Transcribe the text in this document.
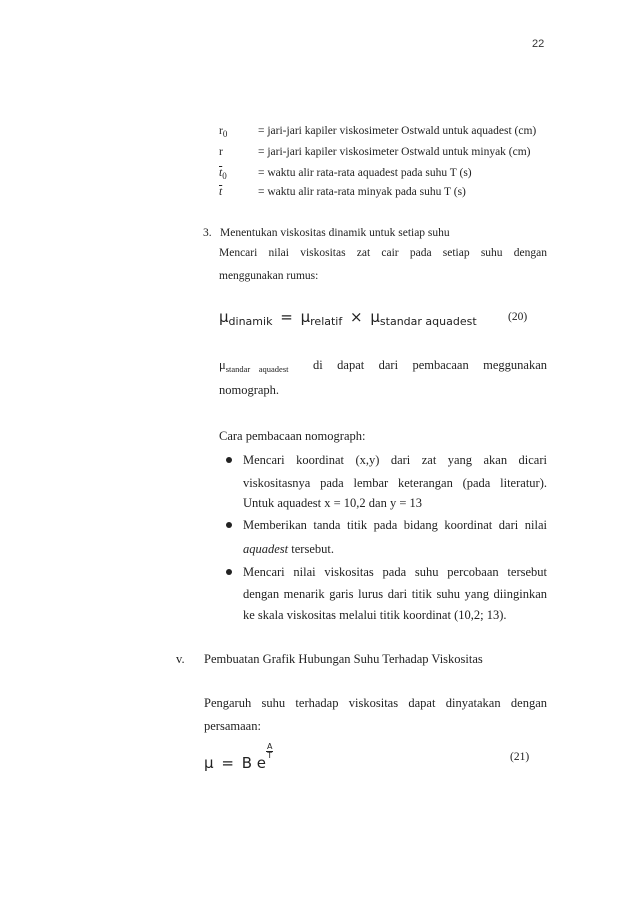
22
$r_0$	= jari-jari kapiler viskosimeter Ostwald untuk aquadest (cm)
r	= jari-jari kapiler viskosimeter Ostwald untuk minyak (cm)
$\overline{t}_0$	= waktu alir rata-rata aquadest pada suhu T (s)
$\overline{t}$	= waktu alir rata-rata minyak pada suhu T (s)
3. Menentukan viskositas dinamik untuk setiap suhu
Mencari nilai viskositas zat cair pada setiap suhu dengan
menggunakan rumus:
$\mu_{dinamik} = \mu_{relatif} \times \mu_{standar aquadest}$	(20)
$\mu_{standar aquadest}$ di dapat dari pembacaan meggunakan
nomograph.
Cara pembacaan nomograph:
Mencari koordinat (x,y) dari zat yang akan dicari
viskositasnya pada lembar keterangan (pada literatur).
Untuk aquadest x = 10,2 dan y = 13
Memberikan tanda titik pada bidang koordinat dari nilai
aquadest tersebut.
Mencari nilai viskositas pada suhu percobaan tersebut
dengan menarik garis lurus dari titik suhu yang diinginkan
ke skala viskositas melalui titik koordinat (10,2; 13).
v. Pembuatan Grafik Hubungan Suhu Terhadap Viskositas
Pengaruh suhu terhadap viskositas dapat dinyatakan dengan
persamaan:
μ = B e
$\frac{A}{T}$	(21)
